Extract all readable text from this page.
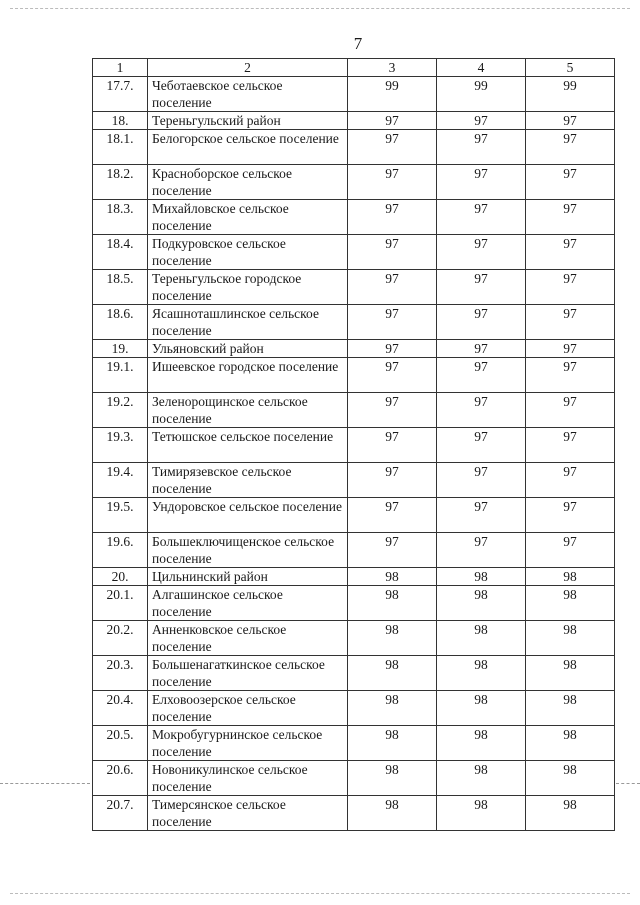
7
1	2	3	4	5
17.7.	Чеботаевское сельское поселение	99	99	99
18.	Тереньгульский район	97	97	97
18.1.	Белогорское сельское поселение	97	97	97
18.2.	Красноборское сельское поселение	97	97	97
18.3.	Михайловское сельское поселение	97	97	97
18.4.	Подкуровское сельское поселение	97	97	97
18.5.	Тереньгульское городское поселение	97	97	97
18.6.	Ясашноташлинское сельское поселение	97	97	97
19.	Ульяновский район	97	97	97
19.1.	Ишеевское городское поселение	97	97	97
19.2.	Зеленорощинское сельское поселение	97	97	97
19.3.	Тетюшское сельское поселение	97	97	97
19.4.	Тимирязевское сельское поселение	97	97	97
19.5.	Ундоровское сельское поселение	97	97	97
19.6.	Большеключищенское сельское поселение	97	97	97
20.	Цильнинский район	98	98	98
20.1.	Алгашинское сельское поселение	98	98	98
20.2.	Анненковское сельское поселение	98	98	98
20.3.	Большенагаткинское сельское поселение	98	98	98
20.4.	Елховоозерское сельское поселение	98	98	98
20.5.	Мокробугурнинское сельское поселение	98	98	98
20.6.	Новоникулинское сельское поселение	98	98	98
20.7.	Тимерсянское сельское поселение	98	98	98
